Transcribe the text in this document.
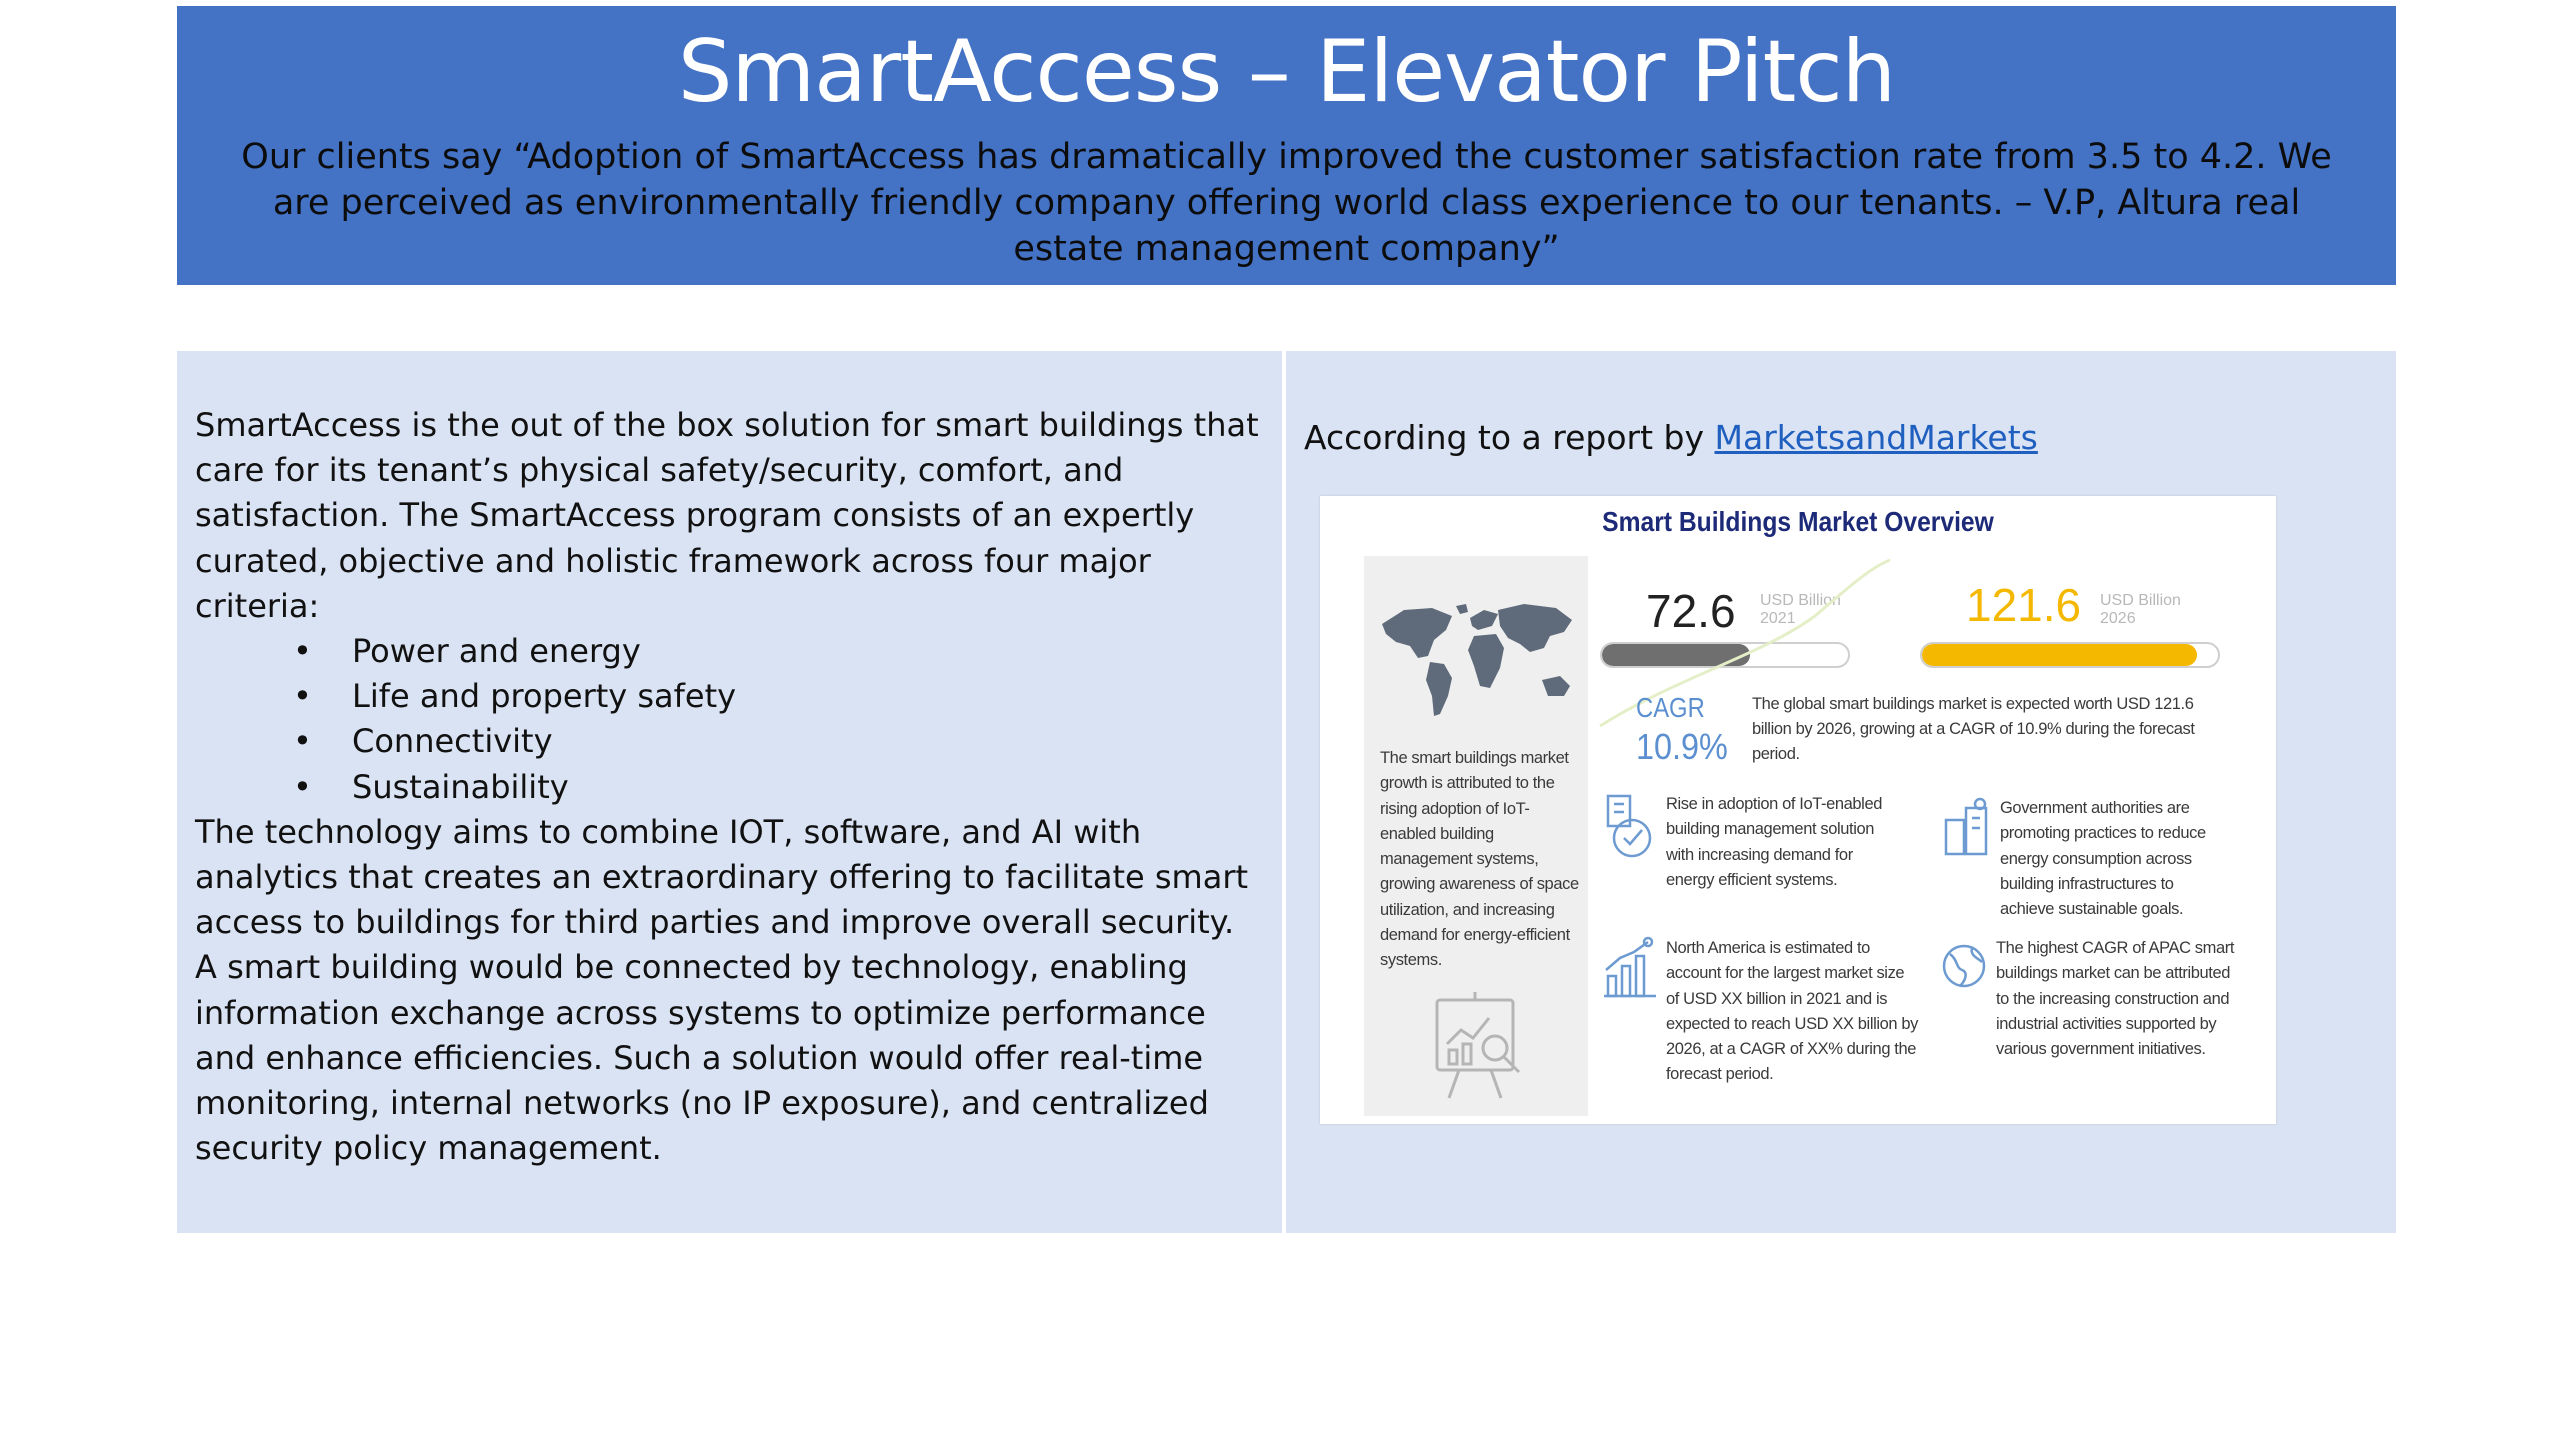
SmartAccess – Elevator Pitch
Our clients say “Adoption of SmartAccess has dramatically improved the customer satisfaction rate from 3.5 to 4.2. We are perceived as environmentally friendly company offering world class experience to our tenants. – V.P, Altura real estate management company”

SmartAccess is the out of the box solution for smart buildings that care for its tenant’s physical safety/security, comfort, and satisfaction. The SmartAccess program consists of an expertly curated, objective and holistic framework across four major criteria:

• Power and energy
• Life and property safety
• Connectivity
• Sustainability

The technology aims to combine IOT, software, and AI with analytics that creates an extraordinary offering to facilitate smart access to buildings for third parties and improve overall security.

A smart building would be connected by technology, enabling information exchange across systems to optimize performance and enhance efficiencies. Such a solution would offer real-time monitoring, internal networks (no IP exposure), and centralized security policy management.

According to a report by MarketsandMarkets
Smart Buildings Market Overview
The smart buildings market growth is attributed to the rising adoption of IoT-enabled building management systems, growing awareness of space utilization, and increasing demand for energy-efficient systems.
72.6 USD Billion
2021	121.6 USD Billion
2026
CAGR
10.9%
The global smart buildings market is expected worth USD 121.6 billion by 2026, growing at a CAGR of 10.9% during the forecast period.
Rise in adoption of IoT-enabled building management solution with increasing demand for energy efficient systems.
Government authorities are promoting practices to reduce energy consumption across building infrastructures to achieve sustainable goals.
North America is estimated to account for the largest market size of USD XX billion in 2021 and is expected to reach USD XX billion by 2026, at a CAGR of XX% during the forecast period.
The highest CAGR of APAC smart buildings market can be attributed to the increasing construction and industrial activities supported by various government initiatives.
